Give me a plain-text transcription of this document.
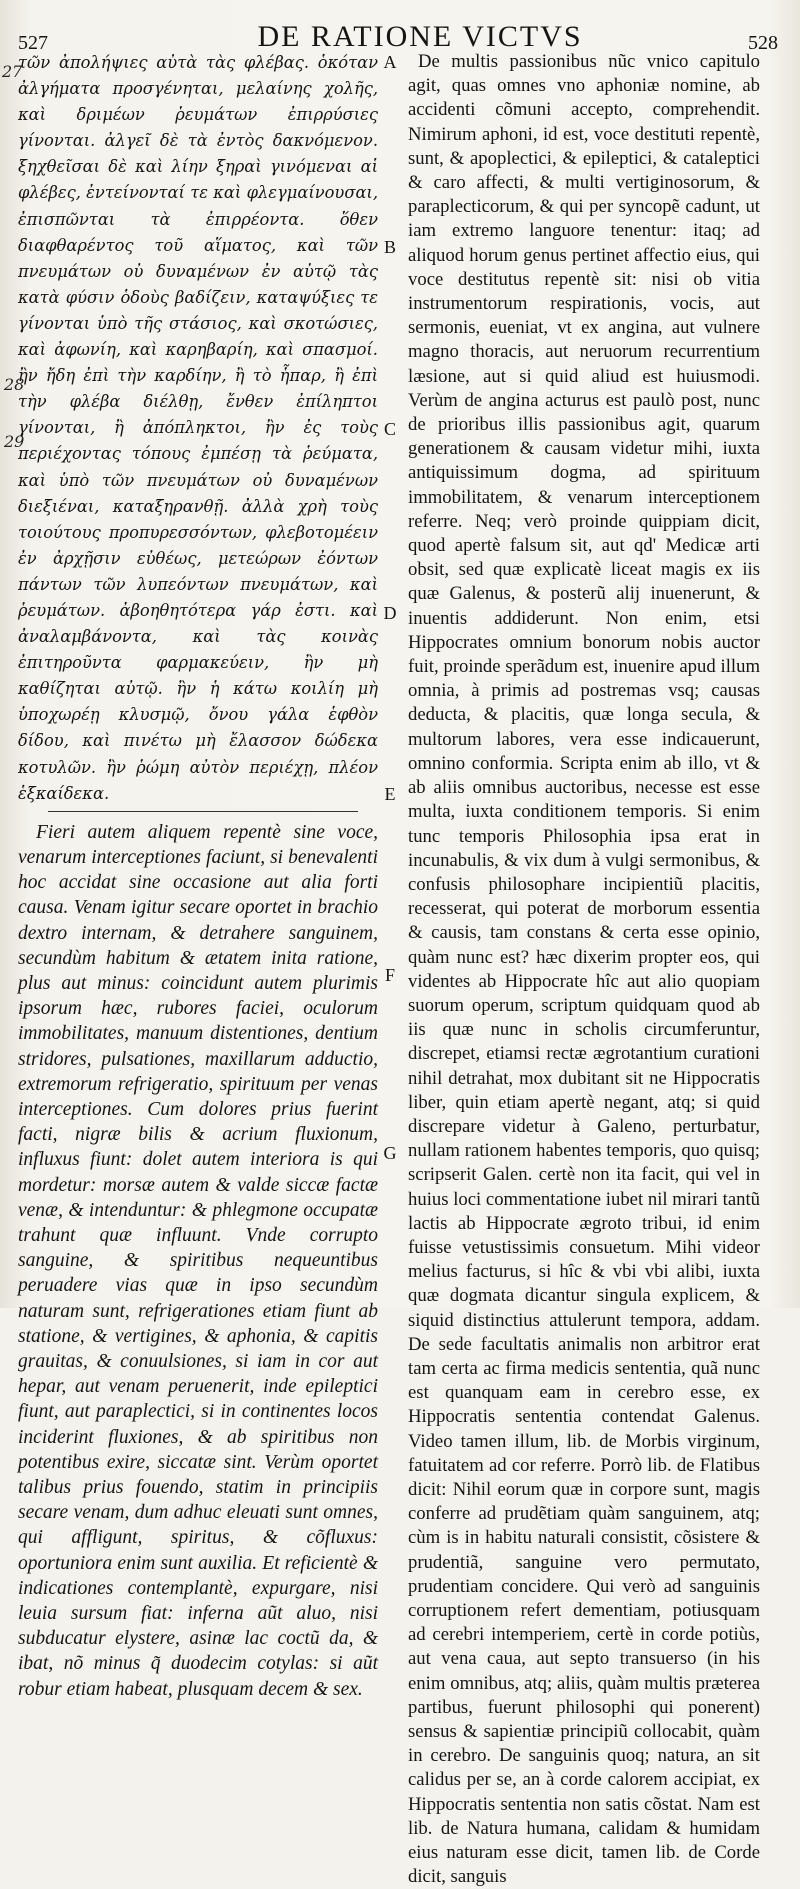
527	DE RATIONE VICTVS	528
27
28
29
A
B
C
D
E
F
G

τῶν ἀπολήψιες αὐτὰ τὰς φλέβας. ὁκόταν ἀλγήματα προσγένηται, μελαίνης χολῆς, καὶ δριμέων ῥευμάτων ἐπιρρύσιες γίνονται. ἀλγεῖ δὲ τὰ ἐντὸς δακνόμενον. ξηχθεῖσαι δὲ καὶ λίην ξηραὶ γινόμεναι αἱ φλέβες, ἐντείνονταί τε καὶ φλεγμαίνουσαι, ἐπισπῶνται τὰ ἐπιρρέοντα. ὅθεν διαφθαρέντος τοῦ αἵματος, καὶ τῶν πνευμάτων οὐ δυναμένων ἐν αὐτῷ τὰς κατὰ φύσιν ὁδοὺς βαδίζειν, καταψύξιες τε γίνονται ὑπὸ τῆς στάσιος, καὶ σκοτώσιες, καὶ ἀφωνίη, καὶ καρηβαρίη, καὶ σπασμοί. ἢν ἤδη ἐπὶ τὴν καρδίην, ἢ τὸ ἧπαρ, ἢ ἐπὶ τὴν φλέβα διέλθῃ, ἔνθεν ἐπίληπτοι γίνονται, ἢ ἀπόπληκτοι, ἢν ἐς τοὺς περιέχοντας τόπους ἐμπέσῃ τὰ ῥεύματα, καὶ ὑπὸ τῶν πνευμάτων οὐ δυναμένων διεξιέναι, καταξηρανθῇ. ἀλλὰ χρὴ τοὺς τοιούτους προπυρεσσόντων, φλεβοτομέειν ἐν ἀρχῇσιν εὐθέως, μετεώρων ἐόντων πάντων τῶν λυπεόντων πνευμάτων, καὶ ῥευμάτων. ἀβοηθητότερα γάρ ἐστι. καὶ ἀναλαμβάνοντα, καὶ τὰς κοινὰς ἐπιτηροῦντα φαρμακεύειν, ἢν μὴ καθίζηται αὐτῷ. ἢν ἡ κάτω κοιλίη μὴ ὑποχωρέῃ κλυσμῷ, ὄνου γάλα ἑφθὸν δίδου, καὶ πινέτω μὴ ἔλασσον δώδεκα κοτυλῶν. ἢν ῥώμη αὐτὸν περιέχῃ, πλέον ἑξκαίδεκα.

Fieri autem aliquem repentè sine voce, venarum interceptiones faciunt, si benevalenti hoc accidat sine occasione aut alia forti causa. Venam igitur secare oportet in brachio dextro internam, & detrahere sanguinem, secundùm habitum & ætatem inita ratione, plus aut minus: coincidunt autem plurimis ipsorum hæc, rubores faciei, oculorum immobilitates, manuum distentiones, dentium stridores, pulsationes, maxillarum adductio, extremorum refrigeratio, spirituum per venas interceptiones. Cum dolores prius fuerint facti, nigræ bilis & acrium fluxionum, influxus fiunt: dolet autem interiora is qui mordetur: morsæ autem & valde siccæ factæ venæ, & intenduntur: & phlegmone occupatæ trahunt quæ influunt. Vnde corrupto sanguine, & spiritibus nequeuntibus peruadere vias quæ in ipso secundùm naturam sunt, refrigerationes etiam fiunt ab statione, & vertigines, & aphonia, & capitis grauitas, & conuulsiones, si iam in cor aut hepar, aut venam peruenerit, inde epileptici fiunt, aut paraplectici, si in continentes locos inciderint fluxiones, & ab spiritibus non potentibus exire, siccatæ sint. Verùm oportet talibus prius fouendo, statim in principiis secare venam, dum adhuc eleuati sunt omnes, qui affligunt, spiritus, & cõfluxus: oportuniora enim sunt auxilia. Et reficientè & indicationes contemplantè, expurgare, nisi leuia sursum fiat: inferna aũt aluo, nisi subducatur elystere, asinæ lac coctũ da, & ibat, nõ minus q̃ duodecim cotylas: si aũt robur etiam habeat, plusquam decem & sex.

De multis passionibus nũc vnico capitulo agit, quas omnes vno aphoniæ nomine, ab accidenti cõmuni accepto, comprehendit. Nimirum aphoni, id est, voce destituti repentè, sunt, & apoplectici, & epileptici, & cataleptici & caro affecti, & multi vertiginosorum, & paraplecticorum, & qui per syncopẽ cadunt, ut iam extremo languore tenentur: itaq; ad aliquod horum genus pertinet affectio eius, qui voce destitutus repentè sit: nisi ob vitia instrumentorum respirationis, vocis, aut sermonis, eueniat, vt ex angina, aut vulnere magno thoracis, aut neruorum recurrentium læsione, aut si quid aliud est huiusmodi. Verùm de angina acturus est paulò post, nunc de prioribus illis passionibus agit, quarum generationem & causam videtur mihi, iuxta antiquissimum dogma, ad spirituum immobilitatem, & venarum interceptionem referre. Neq; verò proinde quippiam dicit, quod apertè falsum sit, aut qd' Medicæ arti obsit, sed quæ explicatè liceat magis ex iis quæ Galenus, & posterũ alij inuenerunt, & inuentis addiderunt. Non enim, etsi Hippocrates omnium bonorum nobis auctor fuit, proinde sperãdum est, inuenire apud illum omnia, à primis ad postremas vsq; causas deducta, & placitis, quæ longa secula, & multorum labores, vera esse indicauerunt, omnino conformia. Scripta enim ab illo, vt & ab aliis omnibus auctoribus, necesse est esse multa, iuxta conditionem temporis. Si enim tunc temporis Philosophia ipsa erat in incunabulis, & vix dum à vulgi sermonibus, & confusis philosophare incipientiũ placitis, recesserat, qui poterat de morborum essentia & causis, tam constans & certa esse opinio, quàm nunc est? hæc dixerim propter eos, qui videntes ab Hippocrate hîc aut alio quopiam suorum operum, scriptum quidquam quod ab iis quæ nunc in scholis circumferuntur, discrepet, etiamsi rectæ ægrotantium curationi nihil detrahat, mox dubitant sit ne Hippocratis liber, quin etiam apertè negant, atq; si quid discrepare videtur à Galeno, perturbatur, nullam rationem habentes temporis, quo quisq; scripserit Galen. certè non ita facit, qui vel in huius loci commentatione iubet nil mirari tantũ lactis ab Hippocrate ægroto tribui, id enim fuisse vetustissimis consuetum. Mihi videor melius facturus, si hîc & vbi vbi alibi, iuxta quæ dogmata dicantur singula explicem, & siquid distinctius attulerunt tempora, addam. De sede facultatis animalis non arbitror erat tam certa ac firma medicis sententia, quã nunc est quanquam eam in cerebro esse, ex Hippocratis sententia contendat Galenus. Video tamen illum, lib. de Morbis virginum, fatuitatem ad cor referre. Porrò lib. de Flatibus dicit: Nihil eorum quæ in corpore sunt, magis conferre ad prudẽtiam quàm sanguinem, atq; cùm is in habitu naturali consistit, cõsistere & prudentiã, sanguine vero permutato, prudentiam concidere. Qui verò ad sanguinis corruptionem refert dementiam, potiusquam ad cerebri intemperiem, certè in corde potiùs, aut vena caua, aut septo transuerso (in his enim omnibus, atq; aliis, quàm multis præterea partibus, fuerunt philosophi qui ponerent) sensus & sapientiæ principiũ collocabit, quàm in cerebro. De sanguinis quoq; natura, an sit calidus per se, an à corde calorem accipiat, ex Hippocratis sententia non satis cõstat. Nam est lib. de Natura humana, calidam & humidam eius naturam esse dicit, tamen lib. de Corde dicit, sanguis
